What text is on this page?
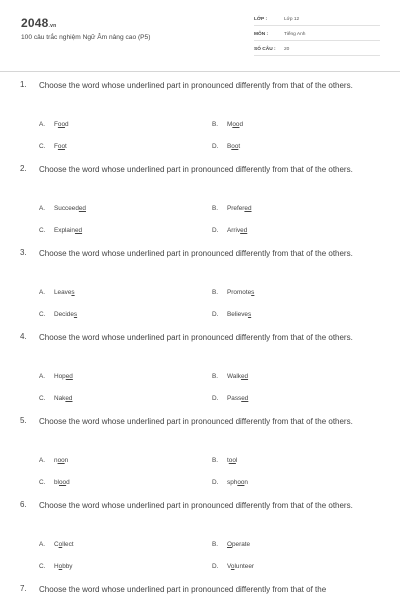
2048.vn
100 câu trắc nghiệm Ngữ Âm nâng cao (P5)
LỚP :	Lớp 12
MÔN :	Tiếng Anh
SỐ CÂU : 20
1. Choose the word whose underlined part in pronounced differently from that of the others.
A. Food	B. Mood
C. Foot	D. Boot
2. Choose the word whose underlined part in pronounced differently from that of the others.
A. Succeeded	B. Prefered
C. Explained	D. Arrived
3. Choose the word whose underlined part in pronounced differently from that of the others.
A. Leaves	B. Promotes
C. Decides	D. Believes
4. Choose the word whose underlined part in pronounced differently from that of the others.
A. Hoped	B. Walked
C. Naked	D. Passed
5. Choose the word whose underlined part in pronounced differently from that of the others.
A. noon	B. tool
C. blood	D. sphoon
6. Choose the word whose underlined part in pronounced differently from that of the others.
A. Collect	B. Operate
C. Hobby	D. Volunteer
7. Choose the word whose underlined part in pronounced differently from that of the
